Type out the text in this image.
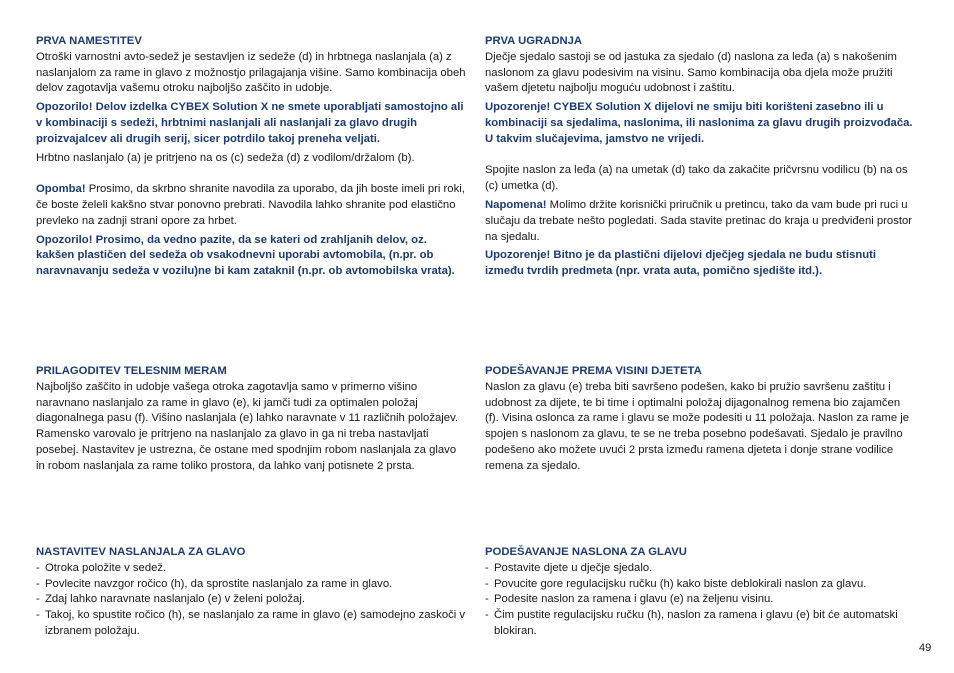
PRVA NAMESTITEV

Otroški varnostni avto-sedež je sestavljen iz sedeže (d) in hrbtnega naslanjala (a) z naslanjalom za rame in glavo z možnostjo prilagajanja višine. Samo kombinacija obeh delov zagotavlja vašemu otroku najboljšo zaščito in udobje.

Opozorilo! Delov izdelka CYBEX Solution X ne smete uporabljati samostojno ali v kombinaciji s sedeži, hrbtnimi naslanjali ali naslanjali za glavo drugih proizvajalcev ali drugih serij, sicer potrdilo takoj preneha veljati.

Hrbtno naslanjalo (a) je pritrjeno na os (c) sedeža (d) z vodilom/držalom (b).

Opomba! Prosimo, da skrbno shranite navodila za uporabo, da jih boste imeli pri roki, če boste želeli kakšno stvar ponovno prebrati. Navodila lahko shranite pod elastično prevleko na zadnji strani opore za hrbet.

Opozorilo! Prosimo, da vedno pazite, da se kateri od zrahljanih delov, oz. kakšen plastičen del sedeža ob vsakodnevni uporabi avtomobila, (n.pr. ob naravnavanju sedeža v vozilu)ne bi kam zataknil (n.pr. ob avtomobilska vrata).

PRILAGODITEV TELESNIM MERAM

Najboljšo zaščito in udobje vašega otroka zagotavlja samo v primerno višino naravnano naslanjalo za rame in glavo (e), ki jamči tudi za optimalen položaj diagonalnega pasu (f). Višino naslanjala (e) lahko naravnate v 11 različnih položajev. Ramensko varovalo je pritrjeno na naslanjalo za glavo in ga ni treba nastavljati posebej. Nastavitev je ustrezna, če ostane med spodnjim robom naslanjala za glavo in robom naslanjala za rame toliko prostora, da lahko vanj potisnete 2 prsta.

NASTAVITEV NASLANJALA ZA GLAVO

- Otroka položite v sedež.
- Povlecite navzgor ročico (h), da sprostite naslanjalo za rame in glavo.
- Zdaj lahko naravnate naslanjalo (e) v želeni položaj.
- Takoj, ko spustite ročico (h), se naslanjalo za rame in glavo (e) samodejno zaskoči v izbranem položaju.

PRVA UGRADNJA

Dječje sjedalo sastoji se od jastuka za sjedalo (d) naslona za leđa (a) s nakošenim naslonom za glavu podesivim na visinu. Samo kombinacija oba djela može pružiti vašem djetetu najbolju moguću udobnost i zaštitu.

Upozorenje! CYBEX Solution X dijelovi ne smiju biti korišteni zasebno ili u kombinaciji sa sjedalima, naslonima, ili naslonima za glavu drugih proizvođača. U takvim slučajevima, jamstvo ne vrijedi.

Spojite naslon za leđa (a) na umetak (d) tako da zakačite pričvrsnu vodilicu (b) na os (c) umetka (d).

Napomena! Molimo držite korisnički priručnik u pretincu, tako da vam bude pri ruci u slučaju da trebate nešto pogledati. Sada stavite pretinac do kraja u predviđeni prostor na sjedalu.

Upozorenje! Bitno je da plastični dijelovi dječjeg sjedala ne budu stisnuti između tvrdih predmeta (npr. vrata auta, pomično sjedište itd.).

PODEŠAVANJE PREMA VISINI DJETETA

Naslon za glavu (e) treba biti savršeno podešen, kako bi pružio savršenu zaštitu i udobnost za dijete, te bi time i optimalni položaj dijagonalnog remena bio zajamčen (f). Visina oslonca za rame i glavu se može podesiti u 11 položaja. Naslon za rame je spojen s naslonom za glavu, te se ne treba posebno podešavati. Sjedalo je pravilno podešeno ako možete uvući 2 prsta između ramena djeteta i donje strane vodilice remena za sjedalo.

PODEŠAVANJE NASLONA ZA GLAVU

- Postavite djete u dječje sjedalo.
- Povucite gore regulacijsku ručku (h) kako biste deblokirali naslon za glavu.
- Podesite naslon za ramena i glavu (e) na željenu visinu.
- Čim pustite regulacijsku ručku (h), naslon za ramena i glavu (e) bit će automatski blokiran.
49
